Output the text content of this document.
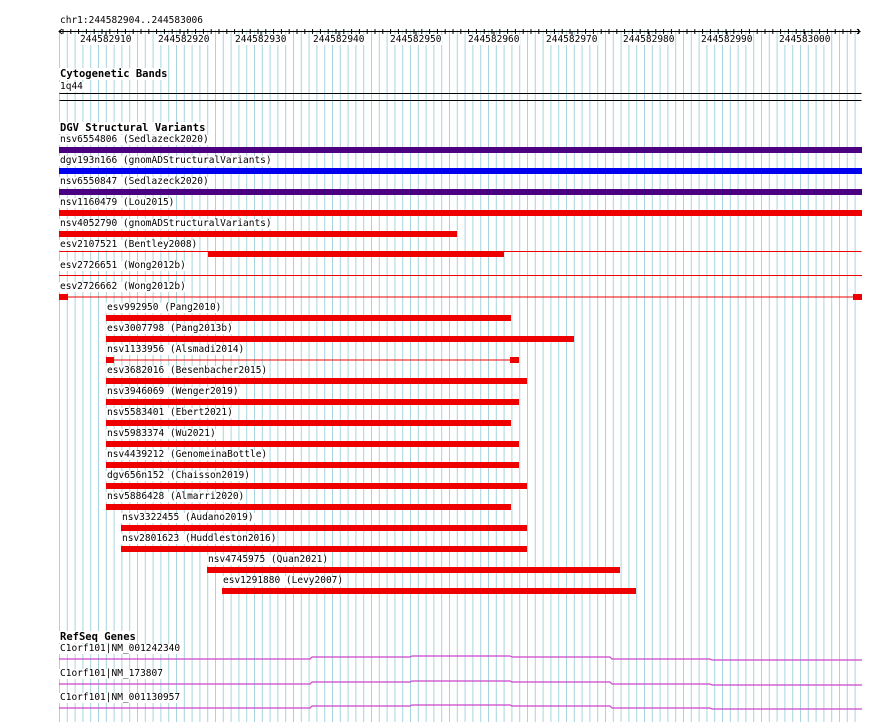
chr1:244582904..244583006
Cytogenetic Bands
1q44
DGV Structural Variants
RefSeq Genes
244582910	244582920	244582930	244582940	244582950	244582960	244582970	244582980	244582990	244583000
nsv6554806 (Sedlazeck2020)
dgv193n166 (gnomADStructuralVariants)
nsv6550847 (Sedlazeck2020)
nsv1160479 (Lou2015)
nsv4052790 (gnomADStructuralVariants)
esv2107521 (Bentley2008)
esv2726651 (Wong2012b)
esv2726662 (Wong2012b)
esv992950 (Pang2010)
esv3007798 (Pang2013b)
nsv1133956 (Alsmadi2014)
esv3682016 (Besenbacher2015)
nsv3946069 (Wenger2019)
nsv5583401 (Ebert2021)
nsv5983374 (Wu2021)
nsv4439212 (GenomeinaBottle)
dgv656n152 (Chaisson2019)
nsv5886428 (Almarri2020)
nsv3322455 (Audano2019)
nsv2801623 (Huddleston2016)
nsv4745975 (Quan2021)
esv1291880 (Levy2007)
C1orf101|NM_001242340
C1orf101|NM_173807
C1orf101|NM_001130957
